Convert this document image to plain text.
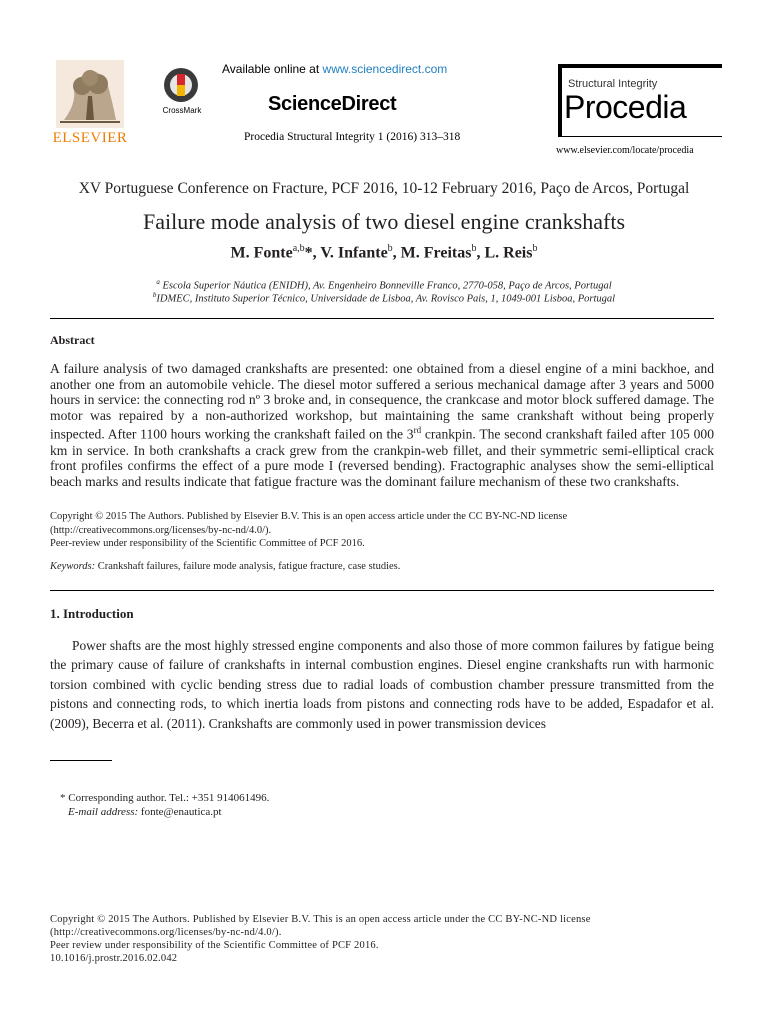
ELSEVIER
CrossMark
Available online at www.sciencedirect.com
ScienceDirect
Procedia Structural Integrity 1 (2016) 313–318
Structural Integrity
Procedia
www.elsevier.com/locate/procedia
XV Portuguese Conference on Fracture, PCF 2016, 10-12 February 2016, Paço de Arcos, Portugal
Failure mode analysis of two diesel engine crankshafts
M. Fonte$^{a,b}$*, V. Infante$^b$, M. Freitas$^b$, L. Reis$^b$
$^a$ Escola Superior Náutica (ENIDH), Av. Engenheiro Bonneville Franco, 2770-058, Paço de Arcos, Portugal
$^b$IDMEC, Instituto Superior Técnico, Universidade de Lisboa, Av. Rovisco Pais, 1, 1049-001 Lisboa, Portugal
Abstract
A failure analysis of two damaged crankshafts are presented: one obtained from a diesel engine of a mini backhoe, and another one from an automobile vehicle. The diesel motor suffered a serious mechanical damage after 3 years and 5000 hours in service: the connecting rod nº 3 broke and, in consequence, the crankcase and motor block suffered damage. The motor was repaired by a non-authorized workshop, but maintaining the same crankshaft without being properly inspected. After 1100 hours working the crankshaft failed on the 3rd crankpin. The second crankshaft failed after 105 000 km in service. In both crankshafts a crack grew from the crankpin-web fillet, and their symmetric semi-elliptical crack front profiles confirms the effect of a pure mode I (reversed bending). Fractographic analyses show the semi-elliptical beach marks and results indicate that fatigue fracture was the dominant failure mechanism of these two crankshafts.
Copyright © 2015 The Authors. Published by Elsevier B.V. This is an open access article under the CC BY-NC-ND license
(http://creativecommons.org/licenses/by-nc-nd/4.0/).
Peer-review under responsibility of the Scientific Committee of PCF 2016.
Keywords: Crankshaft failures, failure mode analysis, fatigue fracture, case studies.
1. Introduction
Power shafts are the most highly stressed engine components and also those of more common failures by fatigue being the primary cause of failure of crankshafts in internal combustion engines. Diesel engine crankshafts run with harmonic torsion combined with cyclic bending stress due to radial loads of combustion chamber pressure transmitted from the pistons and connecting rods, to which inertia loads from pistons and connecting rods have to be added, Espadafor et al. (2009), Becerra et al. (2011). Crankshafts are commonly used in power transmission devices
* Corresponding author. Tel.: +351 914061496.
E-mail address: fonte@enautica.pt
Copyright © 2015 The Authors. Published by Elsevier B.V. This is an open access article under the CC BY-NC-ND license
(http://creativecommons.org/licenses/by-nc-nd/4.0/).
Peer review under responsibility of the Scientific Committee of PCF 2016.
10.1016/j.prostr.2016.02.042
